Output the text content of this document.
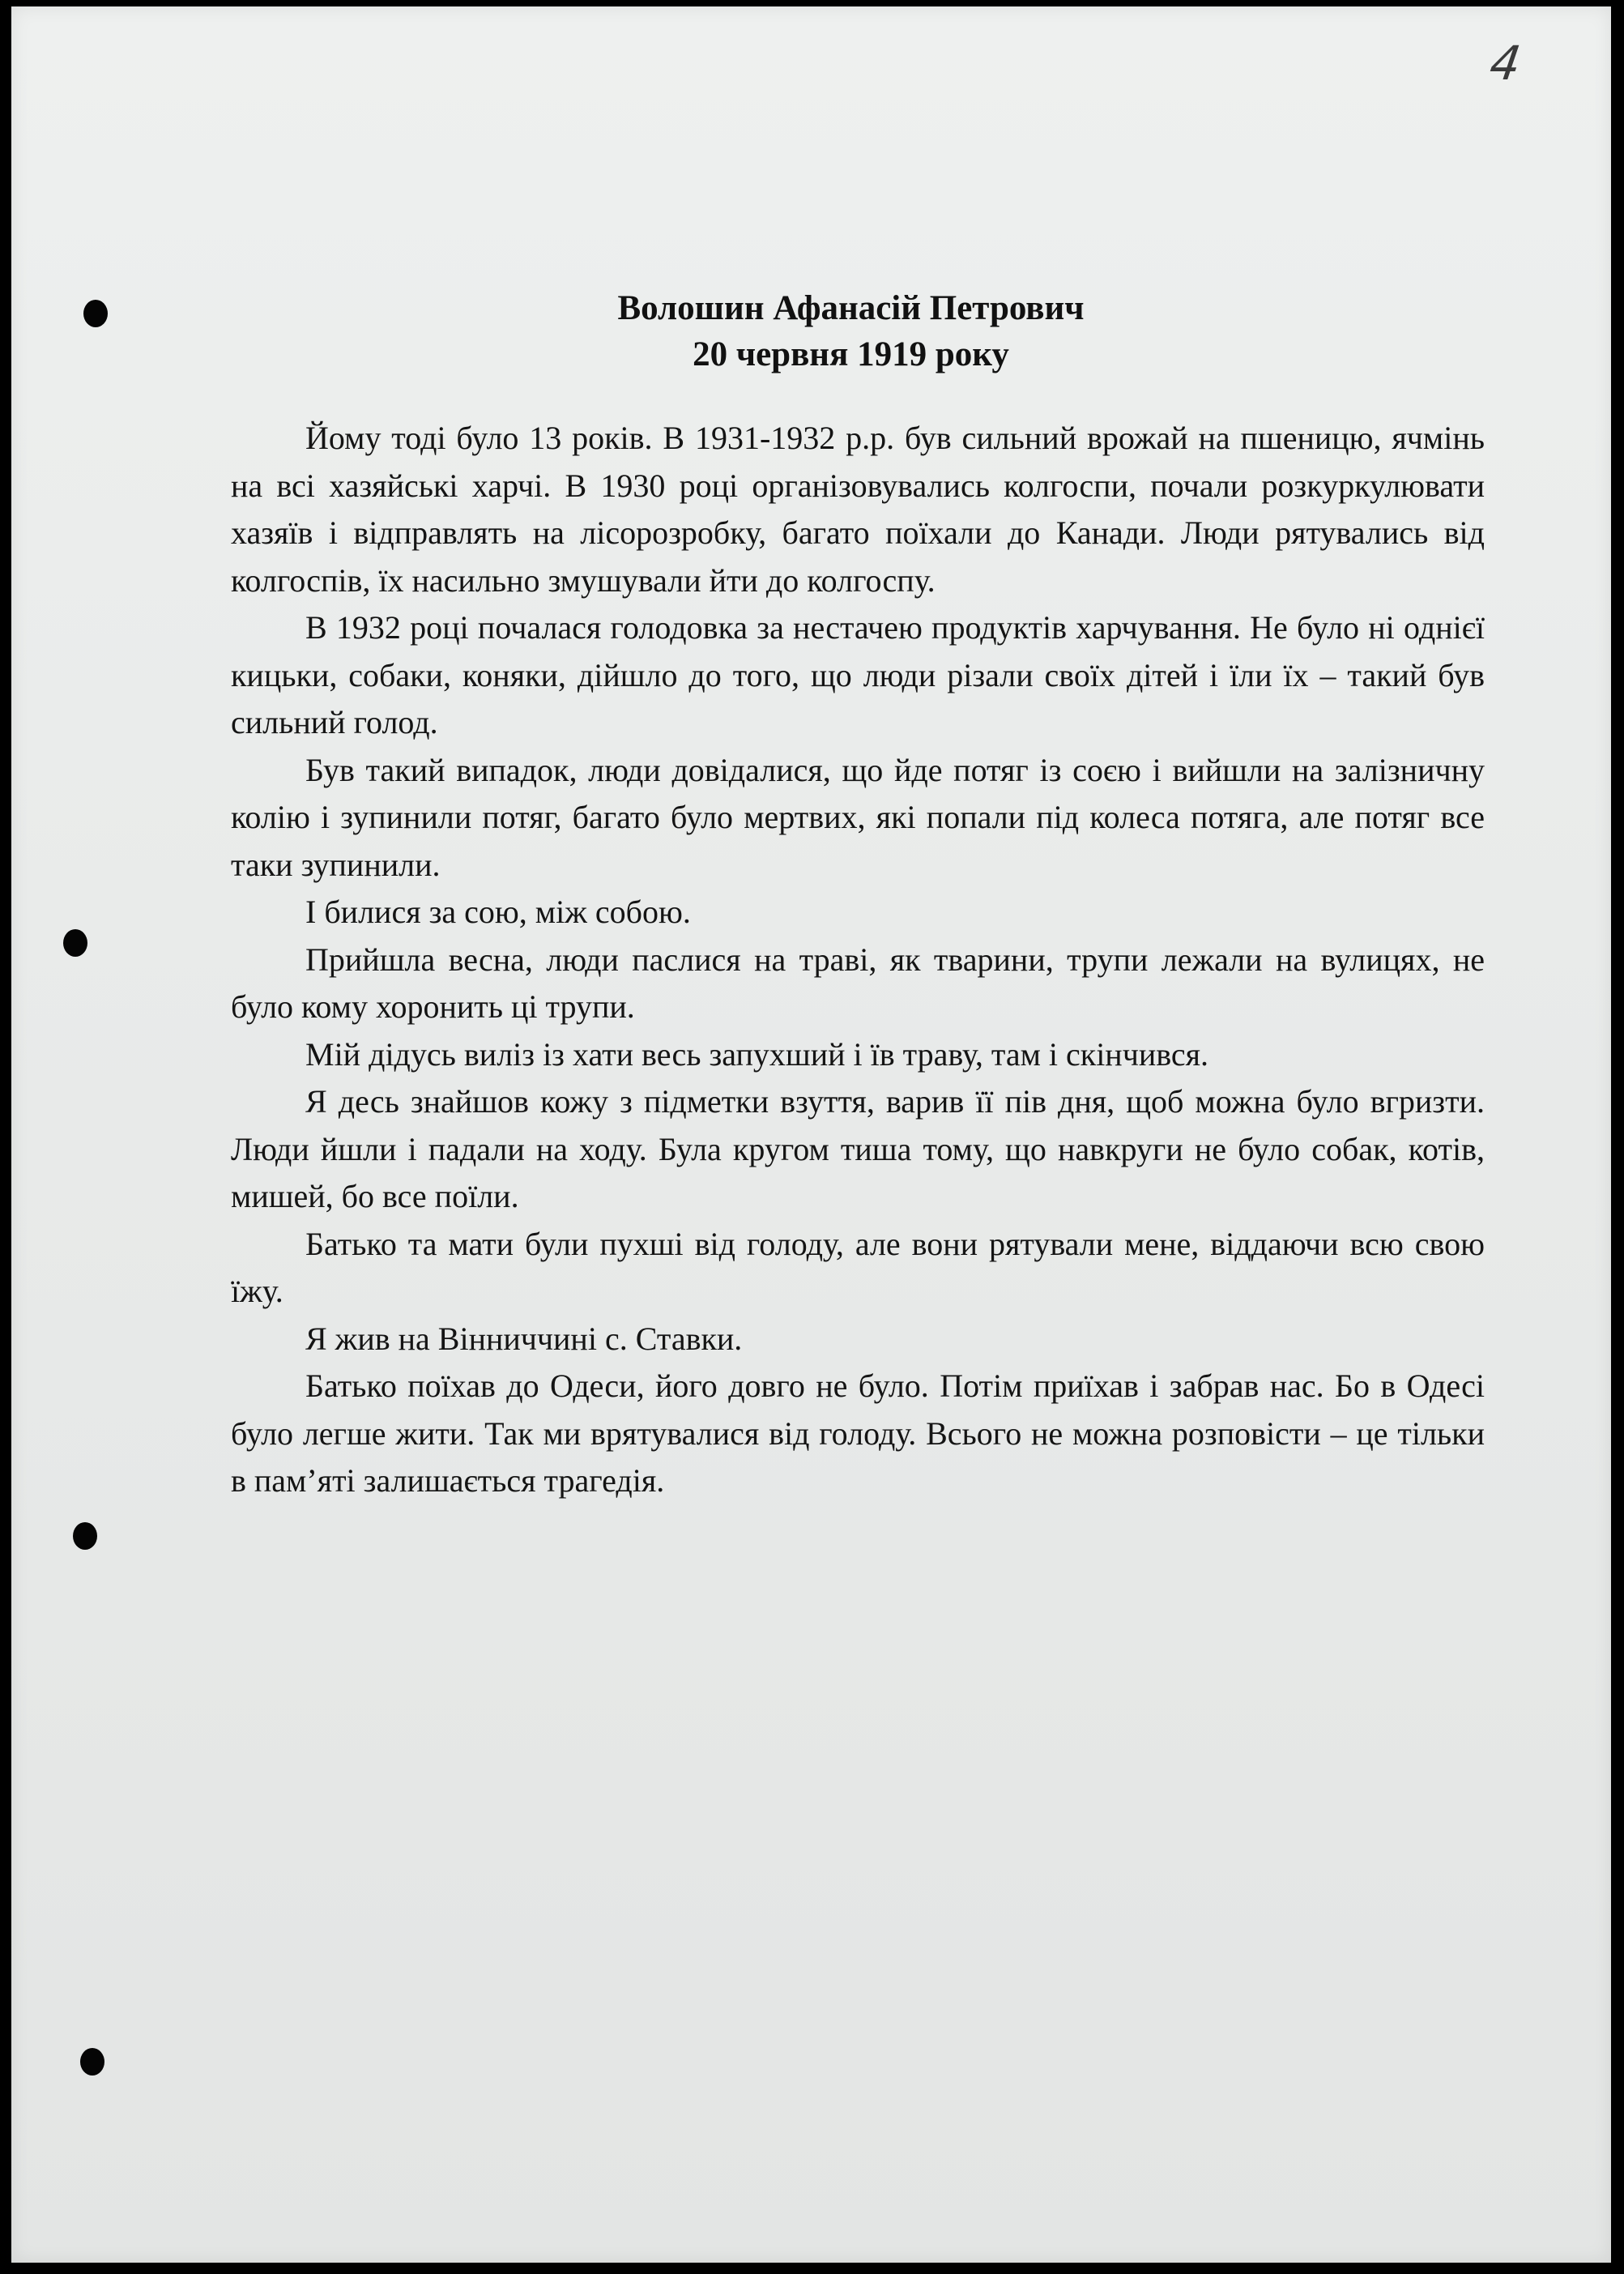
4
Волошин Афанасій Петрович
20 червня 1919 року

Йому тоді було 13 років. В 1931-1932 р.р. був сильний врожай на пшеницю, ячмінь на всі хазяйські харчі. В 1930 році організовувались колгоспи, почали розкуркулювати хазяїв і відправлять на лісорозробку, багато поїхали до Канади. Люди рятувались від колгоспів, їх насильно змушували йти до колгоспу.

В 1932 році почалася голодовка за нестачею продуктів харчування. Не було ні однієї кицьки, собаки, коняки, дійшло до того, що люди різали своїх дітей і їли їх – такий був сильний голод.

Був такий випадок, люди довідалися, що йде потяг із соєю і вийшли на залізничну колію і зупинили потяг, багато було мертвих, які попали під колеса потяга, але потяг все таки зупинили.

І билися за сою, між собою.

Прийшла весна, люди паслися на траві, як тварини, трупи лежали на вулицях, не було кому хоронить ці трупи.

Мій дідусь виліз із хати весь запухший і їв траву, там і скінчився.

Я десь знайшов кожу з підметки взуття, варив її пів дня, щоб можна було вгризти. Люди йшли і падали на ходу. Була кругом тиша тому, що навкруги не було собак, котів, мишей, бо все поїли.

Батько та мати були пухші від голоду, але вони рятували мене, віддаючи всю свою їжу.

Я жив на Вінниччині с. Ставки.

Батько поїхав до Одеси, його довго не було. Потім приїхав і забрав нас. Бо в Одесі було легше жити. Так ми врятувалися від голоду. Всього не можна розповісти – це тільки в пам’яті залишається трагедія.
